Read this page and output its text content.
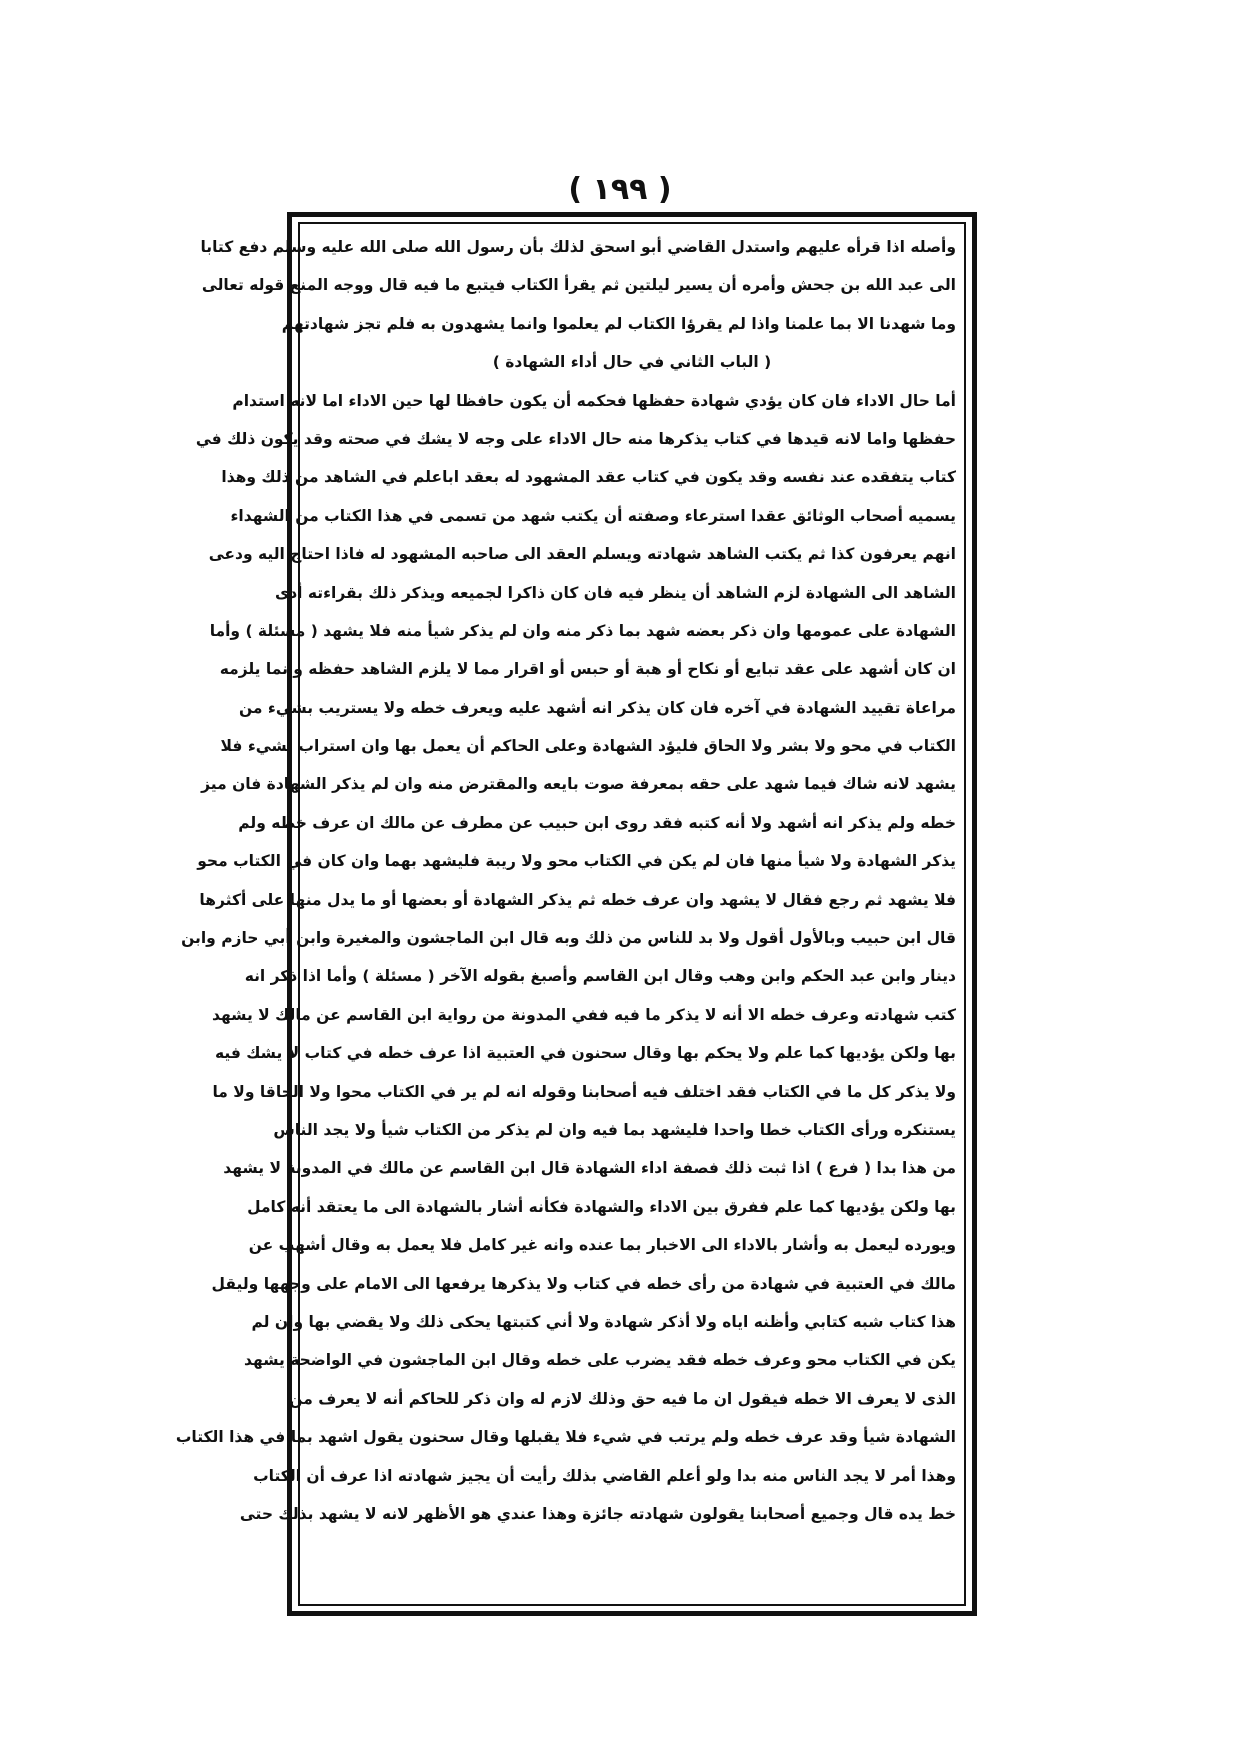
( ١٩٩ )
وأصله اذا قرأه علیهم واستدل القاضي أبو اسحق لذلك بأن رسول الله صلى الله علیه وسلم دفع كتابا
الى عبد الله بن جحش وأمره أن يسير ليلتين ثم يقرأ الكتاب فيتبع ما فيه قال ووجه المنع قوله تعالى
وما شهدنا الا بما علمنا واذا لم يقرؤا الكتاب لم يعلموا وانما يشهدون به فلم تجز شهادتهم
( الباب الثاني في حال أداء الشهادة )
أما حال الاداء فان كان يؤدي شهادة حفظها فحكمه أن يكون حافظا لها حين الاداء اما لانه استدام
حفظها واما لانه قيدها في كتاب يذكرها منه حال الاداء على وجه لا يشك في صحته وقد يكون ذلك في
كتاب يتفقده عند نفسه وقد يكون في كتاب عقد المشهود له بعقد اباعلم في الشاهد من ذلك وهذا
يسميه أصحاب الوثائق عقدا استرعاء وصفته أن يكتب شهد من تسمى في هذا الكتاب من الشهداء
انهم يعرفون كذا ثم يكتب الشاهد شهادته ويسلم العقد الى صاحبه المشهود له فاذا احتاج اليه ودعى
الشاهد الى الشهادة لزم الشاهد أن ينظر فيه فان كان ذاكرا لجميعه ويذكر ذلك بقراءته أدى
الشهادة على عمومها وان ذكر بعضه شهد بما ذكر منه وان لم يذكر شيأ منه فلا يشهد ( مسئلة ) وأما
ان كان أشهد على عقد تبايع أو نكاح أو هبة أو حبس أو اقرار مما لا يلزم الشاهد حفظه وانما يلزمه
مراعاة تقييد الشهادة في آخره فان كان يذكر انه أشهد عليه ويعرف خطه ولا يستريب بشيء من
الكتاب في محو ولا بشر ولا الحاق فليؤد الشهادة وعلى الحاكم أن يعمل بها وان استراب بشيء فلا
يشهد لانه شاك فيما شهد على حقه بمعرفة صوت بايعه والمقترض منه وان لم يذكر الشهادة فان ميز
خطه ولم يذكر انه أشهد ولا أنه كتبه فقد روى ابن حبيب عن مطرف عن مالك ان عرف خطه ولم
يذكر الشهادة ولا شيأ منها فان لم يكن في الكتاب محو ولا ريبة فليشهد بهما وان كان في الكتاب محو
فلا يشهد ثم رجع فقال لا يشهد وان عرف خطه ثم يذكر الشهادة أو بعضها أو ما يدل منها على أكثرها
قال ابن حبيب وبالأول أقول ولا بد للناس من ذلك وبه قال ابن الماجشون والمغيرة وابن أبي حازم وابن
دينار وابن عبد الحكم وابن وهب وقال ابن القاسم وأصبغ بقوله الآخر ( مسئلة ) وأما اذا ذكر انه
كتب شهادته وعرف خطه الا أنه لا يذكر ما فيه ففي المدونة من رواية ابن القاسم عن مالك لا يشهد
بها ولكن يؤديها كما علم ولا يحكم بها وقال سحنون في العتبية اذا عرف خطه في كتاب لا يشك فيه
ولا يذكر كل ما في الكتاب فقد اختلف فيه أصحابنا وقوله انه لم ير في الكتاب محوا ولا الحاقا ولا ما
يستنكره ورأى الكتاب خطا واحدا فليشهد بما فيه وان لم يذكر من الكتاب شيأ ولا يجد الناس
من هذا بدا ( فرع ) اذا ثبت ذلك فصفة اداء الشهادة قال ابن القاسم عن مالك في المدونة لا يشهد
بها ولكن يؤديها كما علم ففرق بين الاداء والشهادة فكأنه أشار بالشهادة الى ما يعتقد أنه كامل
ويورده ليعمل به وأشار بالاداء الى الاخبار بما عنده وانه غير كامل فلا يعمل به وقال أشهب عن
مالك في العتبية في شهادة من رأى خطه في كتاب ولا يذكرها يرفعها الى الامام على وجهها وليقل
هذا كتاب شبه كتابي وأظنه اياه ولا أذكر شهادة ولا أني كتبتها يحكى ذلك ولا يقضي بها وان لم
يكن في الكتاب محو وعرف خطه فقد يضرب على خطه وقال ابن الماجشون في الواضحة يشهد
الذى لا يعرف الا خطه فيقول ان ما فيه حق وذلك لازم له وان ذكر للحاكم أنه لا يعرف من
الشهادة شيأ وقد عرف خطه ولم يرتب في شيء فلا يقبلها وقال سحنون يقول اشهد بما في هذا الكتاب
وهذا أمر لا يجد الناس منه بدا ولو أعلم القاضي بذلك رأيت أن يجيز شهادته اذا عرف أن الكتاب
خط يده قال وجميع أصحابنا يقولون شهادته جائزة وهذا عندي هو الأظهر لانه لا يشهد بذلك حتى
